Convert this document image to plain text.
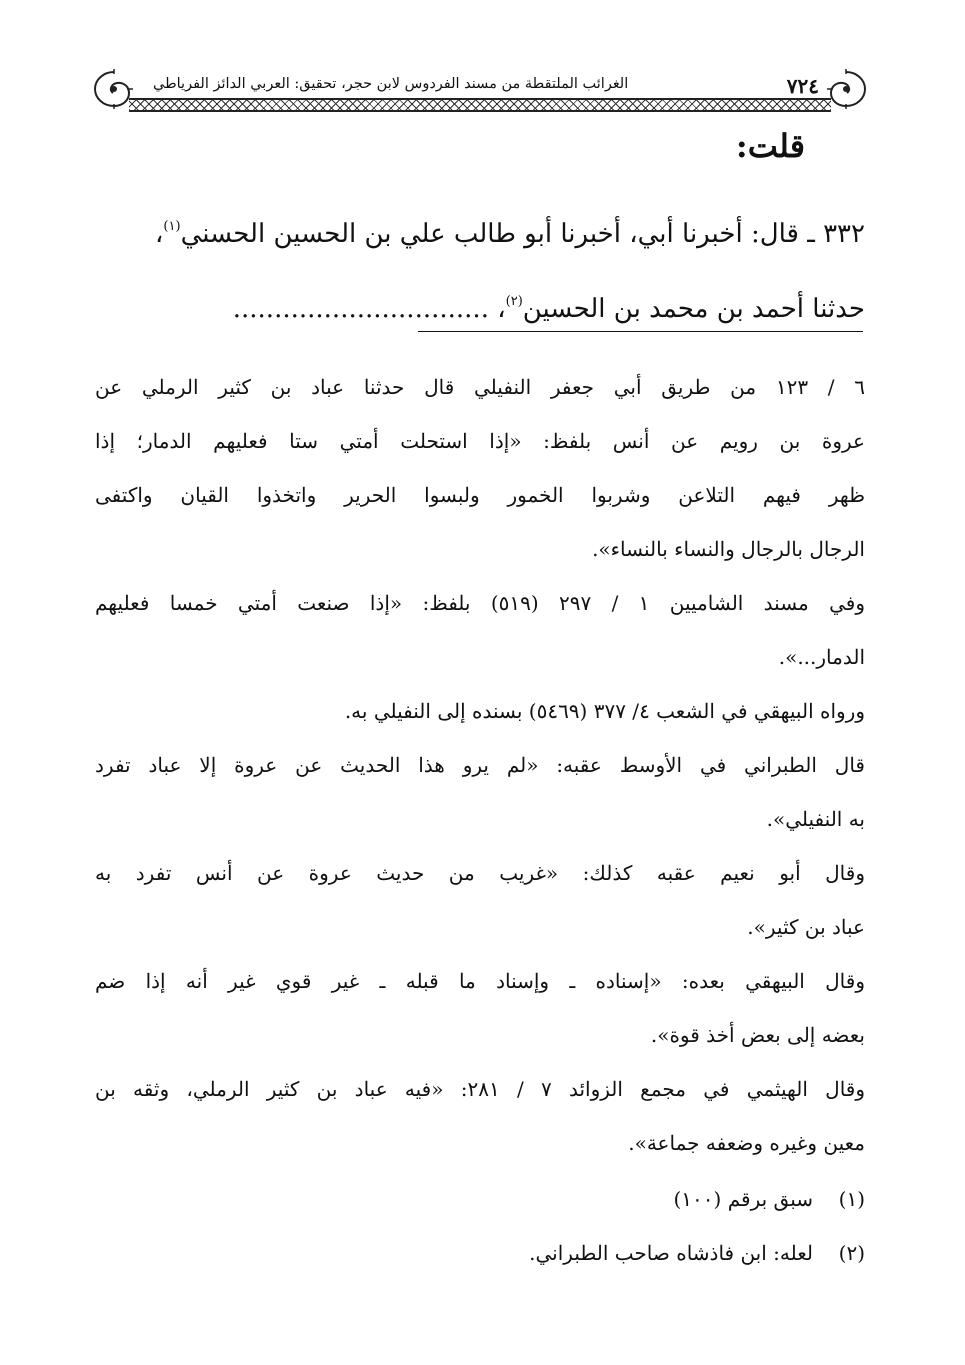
٧٢٤
الغرائب الملتقطة من مسند الفردوس لابن حجر، تحقيق: العربي الدائز الفرياطي
قلت:
٣٣٢ ـ قال: أخبرنا أبي، أخبرنا أبو طالب علي بن الحسين الحسني$^{(١)}$،
حدثنا أحمد بن محمد بن الحسين$^{(٢)}$، ...............................
٦ / ١٢٣ من طريق أبي جعفر النفيلي قال حدثنا عباد بن كثير الرملي عن
عروة بن رويم عن أنس بلفظ: «إذا استحلت أمتي ستا فعليهم الدمار؛ إذا
ظهر فيهم التلاعن وشربوا الخمور ولبسوا الحرير واتخذوا القيان واكتفى
الرجال بالرجال والنساء بالنساء».
وفي مسند الشاميين ١ / ٢٩٧ (٥١٩) بلفظ: «إذا صنعت أمتي خمسا فعليهم
الدمار...».
ورواه البيهقي في الشعب ٤/ ٣٧٧ (٥٤٦٩) بسنده إلى النفيلي به.
قال الطبراني في الأوسط عقبه: «لم يرو هذا الحديث عن عروة إلا عباد تفرد
به النفيلي».
وقال أبو نعيم عقبه كذلك: «غريب من حديث عروة عن أنس تفرد به
عباد بن كثير».
وقال البيهقي بعده: «إسناده ـ وإسناد ما قبله ـ غير قوي غير أنه إذا ضم
بعضه إلى بعض أخذ قوة».
وقال الهيثمي في مجمع الزوائد ٧ / ٢٨١: «فيه عباد بن كثير الرملي، وثقه بن
معين وغيره وضعفه جماعة».
(١)سبق برقم (١٠٠)
(٢)لعله: ابن فاذشاه صاحب الطبراني.
